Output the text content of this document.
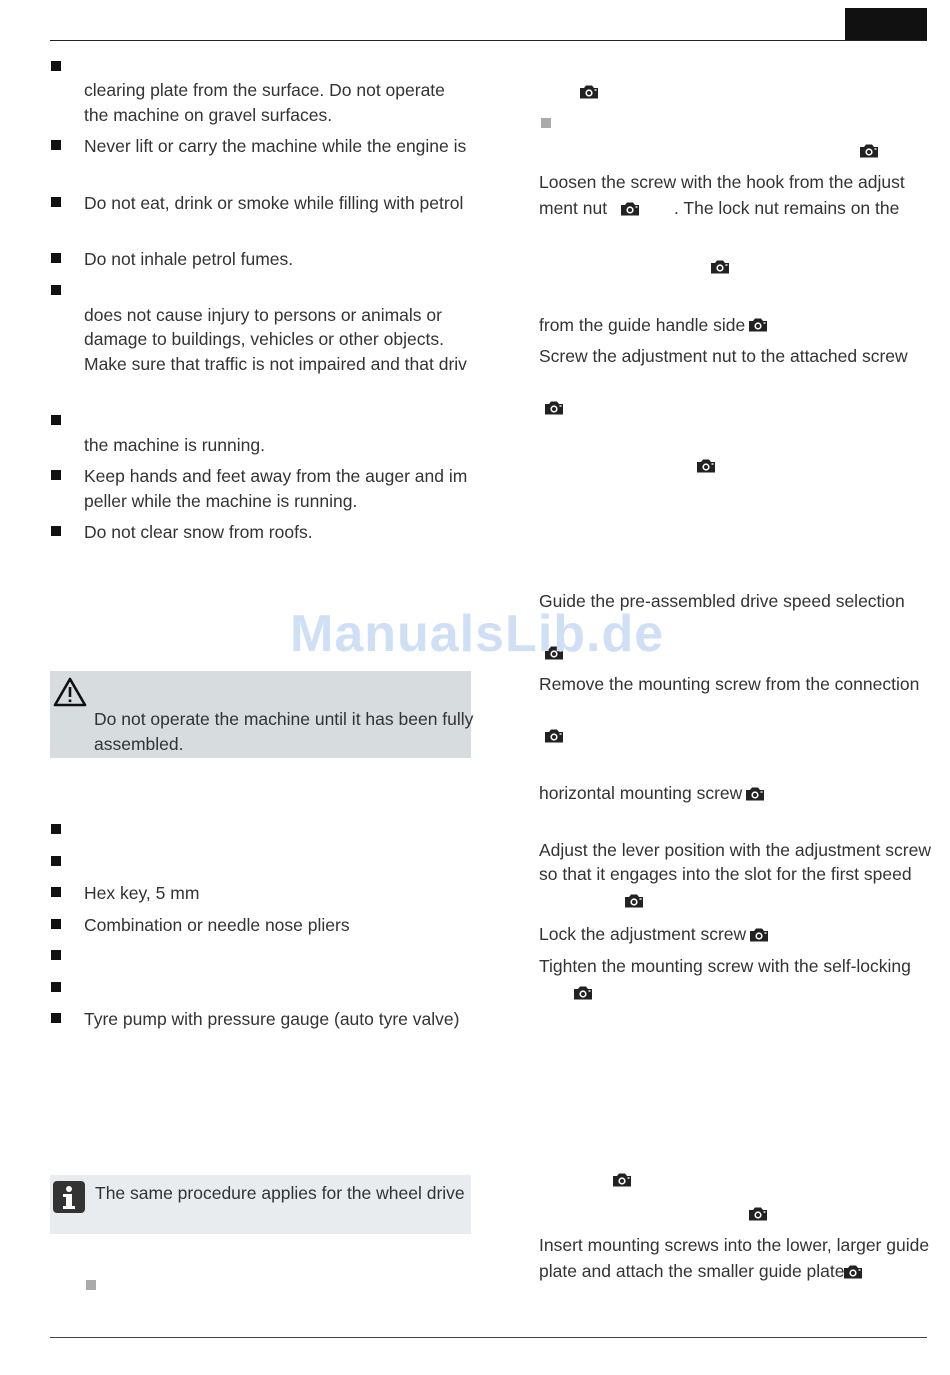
clearing plate from the surface. Do not operate
the machine on gravel surfaces.
Never lift or carry the machine while the engine is
Do not eat, drink or smoke while filling with petrol
Do not inhale petrol fumes.
does not cause injury to persons or animals or
damage to buildings, vehicles or other objects.
Make sure that traffic is not impaired and that driv
the machine is running.
Keep hands and feet away from the auger and im
peller while the machine is running.
Do not clear snow from roofs.
Do not operate the machine until it has been fully
assembled.
Hex key, 5 mm
Combination or needle nose pliers
Tyre pump with pressure gauge (auto tyre valve)
The same procedure applies for the wheel drive
Loosen the screw with the hook from the adjust
ment nut	. The lock nut remains on the
from the guide handle side
Screw the adjustment nut to the attached screw
Guide the pre-assembled drive speed selection
Remove the mounting screw from the connection
horizontal mounting screw
Adjust the lever position with the adjustment screw
so that it engages into the slot for the first speed
Lock the adjustment screw
Tighten the mounting screw with the self-locking
Insert mounting screws into the lower, larger guide
plate and attach the smaller guide plate
ManualsLib.de
